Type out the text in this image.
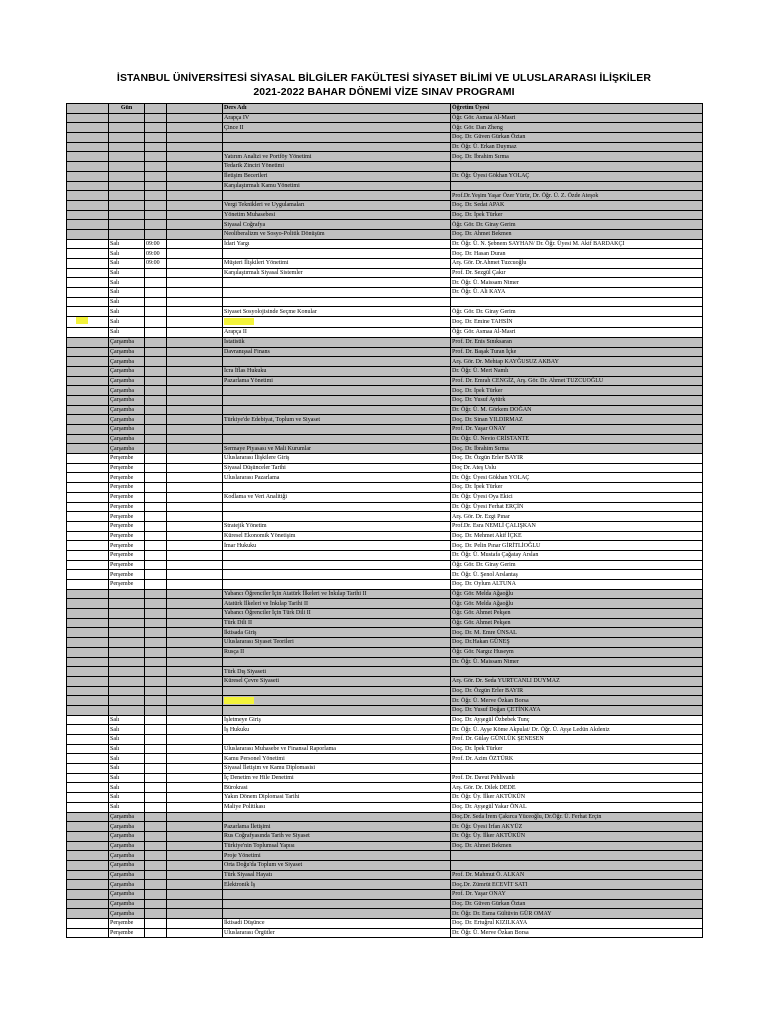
İSTANBUL ÜNİVERSİTESİ SİYASAL BİLGİLER FAKÜLTESİ SİYASET BİLİMİ VE ULUSLARARASI İLİŞKİLER
2021-2022 BAHAR DÖNEMİ VİZE SINAV PROGRAMI
	Gün			Ders Adı	Öğretim Üyesi
				Arapça IV	Öğr. Gör. Asmaa Al-Masri
				Çince II	Öğr. Gör. Dan Zheng
					Doç. Dr. Güven Gürkan Öztan
					Dr. Öğr. Ü. Erkan Duymaz
				Yatırım Analizi ve Portföy Yönetimi	Doç. Dr. İbrahim Sırma
				Tedarik Zinciri Yönetimi	
				İletişim Becerileri	Dr. Öğr. Üyesi Gökhan YOLAÇ
				Karşılaştırmalı Kamu Yönetimi	
					Prof.Dr.Yeşim Yaşar Özer Yürür, Dr. Öğr. Ü. Z. Özde Ateşok
				Vergi Teknikleri ve Uygulamaları	Doç. Dr. Sedat APAK
				Yönetim Muhasebesi	Doç. Dr. İpek Türker
				Siyasal Coğrafya	Öğr. Gör. Dr. Giray Gerim
				Neoliberalizm ve Sosyo-Politik Dönüşüm	Doç. Dr. Ahmet Bekmen
	Salı	09:00		İdari Yargı	Dr. Öğr. Ü. N. Şebnem SAYHAN/ Dr. Öğr. Üyesi M. Akif BARDAKÇI
	Salı	09:00			Doç. Dr. Hasan Duran
	Salı	09:00		Müşteri İlişkileri Yönetimi	Arş. Gör. Dr.Ahmet Tuzcuoğlu
	Salı			Karşılaştırmalı Siyasal Sistemler	Prof. Dr. Sezgül Çakır
	Salı				Dr. Öğr. Ü. Maissam Nimer
	Salı				Dr. Öğr. Ü. Ali KAYA
	Salı				
	Salı			Siyaset Sosyolojisinde Seçme Konular	Öğr. Gör. Dr. Giray Gerim
	Salı				Doç. Dr. Emine TAHSİN
	Salı			Arapça II	Öğr. Gör. Asmaa Al-Masri
	Çarşamba			İstatistik	Prof. Dr. Enis Sınıksaran
	Çarşamba			Davranışsal Finans	Prof. Dr. Başak Turan İçke
	Çarşamba				Arş. Gör. Dr. Mehtap KAYĞUSUZ AKBAY
	Çarşamba			İcra İflas Hukuku	Dr. Öğr. Ü. Mert Namlı
	Çarşamba			Pazarlama Yönetimi	Prof. Dr. Emrah CENGİZ, Arş. Gör. Dr. Ahmet TUZCUOĞLU
	Çarşamba				Doç. Dr. İpek Türker
	Çarşamba				Doç. Dr. Yusuf Aytürk
	Çarşamba				Dr. Öğr. Ü. M. Görkem DOĞAN
	Çarşamba			Türkiye'de Edebiyat, Toplum ve Siyaset	Doç. Dr. Sinan YILDIRMAZ
	Çarşamba				Prof. Dr. Yaşar ONAY
	Çarşamba				Dr. Öğr. Ü. Nevio CRİSTANTE
	Çarşamba			Sermaye Piyasası ve Mali Kurumlar	Doç. Dr. İbrahim Sırma
	Perşembe			Uluslararası İlişkilere Giriş	Doç. Dr. Özgün Erler BAYIR
	Perşembe			Siyasal Düşünceler Tarihi	Doç Dr. Ateş Uslu
	Perşembe			Uluslararası Pazarlama	Dr. Öğr. Üyesi Gökhan YOLAÇ
	Perşembe				Doç. Dr. İpek Türker
	Perşembe			Kodlama ve Veri Analitiği	Dr. Öğr. Üyesi Oya Ekici
	Perşembe				Dr. Öğr. Üyesi Ferhat ERÇİN
	Perşembe				Arş. Gör. Dr. Ezgi Pınar
	Perşembe			Stratejik Yönetim	Prof.Dr. Esra NEMLİ ÇALIŞKAN
	Perşembe			Küresel Ekonomik Yönetişim	Doç. Dr. Mehmet Akif İÇKE
	Perşembe			İmar Hukuku	Doç. Dr. Pelin Pınar GİRİTLİOĞLU
	Perşembe				Dr. Öğr. Ü. Mustafa Çağatay Arslan
	Perşembe				Öğr. Gör. Dr. Giray Gerim
	Perşembe				Dr. Öğr. Ü. Şenol Arslantaş
	Perşembe				Doç. Dr. Oylum ALTUNA
				Yabancı Öğrenciler İçin Atatürk İlkeleri ve İnkılap Tarihi II	Öğr. Gör. Melda Ağaoğlu
				Atatürk İlkeleri ve İnkılap Tarihi II	Öğr. Gör. Melda Ağaoğlu
				Yabancı Öğrenciler İçin Türk Dili II	Öğr. Gör. Ahmet Pekşen
				Türk Dili II	Öğr. Gör. Ahmet Pekşen
				İktisada Giriş	Doç. Dr. M. Emre ÜNSAL
				Uluslararası Siyaset Teorileri	Doç. Dr.Hakan GÜNEŞ
				Rusça II	Öğr. Gör. Nargız Huseym
					Dr. Öğr. Ü. Maissam Nimer
				Türk Dış Siyaseti	
				Küresel Çevre Siyaseti	Arş. Gör. Dr. Seda YURTCANLI DUYMAZ
					Doç. Dr. Özgün Erler BAYIR
					Dr. Öğr. Ü. Merve Özkan Borsa
					Doç. Dr. Yusuf Doğan ÇETİNKAYA
	Salı			İşletmeye Giriş	Doç. Dr. Ayşegül Özbebek Tunç
	Salı			İş Hukuku	Dr. Öğr. Ü. Ayşe Köme Akpulat/ Dr. Öğr. Ü. Ayşe Ledün Akdeniz
	Salı				Prof. Dr. Gülay GÜNLÜK ŞENESEN
	Salı			Uluslararası Muhasebe ve Finansal Raporlama	Doç. Dr. İpek Türker
	Salı			Kamu Personel Yönetimi	Prof. Dr. Azim ÖZTÜRK
	Salı			Siyasal İletişim ve Kamu Diplomasisi	
	Salı			İç Denetim ve Hile Denetimi	Prof. Dr. Davut Pehlivanlı
	Salı			Bürokrasi	Arş. Gör. Dr. Dilek DEDE
	Salı			Yakın Dönem Diplomasi Tarihi	Dr. Öğr. Üy. İlker AKTÜKÜN
	Salı			Maliye Politikası	Doç. Dr. Ayşegül Yakar ÖNAL
	Çarşamba				Doç.Dr. Seda İrem Çakırca Yüceoğlu, Dr.Öğr. Ü. Ferhat Erçin
	Çarşamba			Pazarlama İletişimi	Dr. Öğr. Üyesi İrfan AKYÜZ
	Çarşamba			Rus Coğrafyasında Tarih ve Siyaset	Dr. Öğr. Üy. İlker AKTÜKÜN
	Çarşamba			Türkiye'nin Toplumsal Yapısı	Doç. Dr. Ahmet Bekmen
	Çarşamba			Proje Yönetimi	
	Çarşamba			Orta Doğu'da Toplum ve Siyaset	
	Çarşamba			Türk Siyasal Hayatı	Prof. Dr. Mahmut Ö. ALKAN
	Çarşamba			Elektronik İş	Doç.Dr. Zümrüt ECEVİT SATI
	Çarşamba				Prof. Dr. Yaşar ONAY
	Çarşamba				Doç. Dr. Güven Gürkan Öztan
	Çarşamba				Dr. Öğr. Dr. Esma Gültüvin GÜR OMAY
	Perşembe			İktisadi Düşünce	Doç. Dr. Ertuğrul KIZILKAYA
	Perşembe			Uluslararası Örgütler	Dr. Öğr. Ü. Merve Özkan Borsa
